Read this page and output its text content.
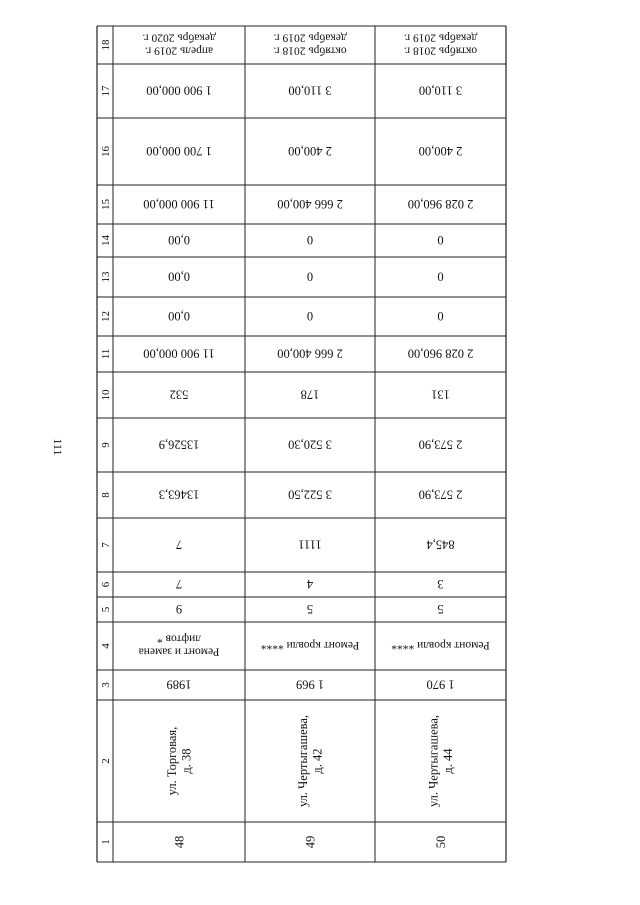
111
18
17
16
15
14
13
12
11
10
9
8
7
6
5
4
3
2
1
апрель 2019 г.
декабрь 2020 г.
1 900 000,00
1 700 000,00
11 900 000,00
0,00
0,00
0,00
11 900 000,00
532
13526,9
13463,3
7
7
9
Ремонт и замена
лифтов *
1989
ул. Торговая, д. 38
48
октябрь 2018 г.
декабрь 2019 г.
3 110,00
2 400,00
2 666 400,00
0
0
0
2 666 400,00
178
3 520,30
3 522,50
1111
4
5
Ремонт кровли ****
1 969
ул. Чертыгашева, д. 42
49
октябрь 2018 г.
декабрь 2019 г.
3 110,00
2 400,00
2 028 960,00
0
0
0
2 028 960,00
131
2 573,90
2 573,90
845,4
3
5
Ремонт кровли ****
1 970
ул. Чертыгашева, д. 44
50
